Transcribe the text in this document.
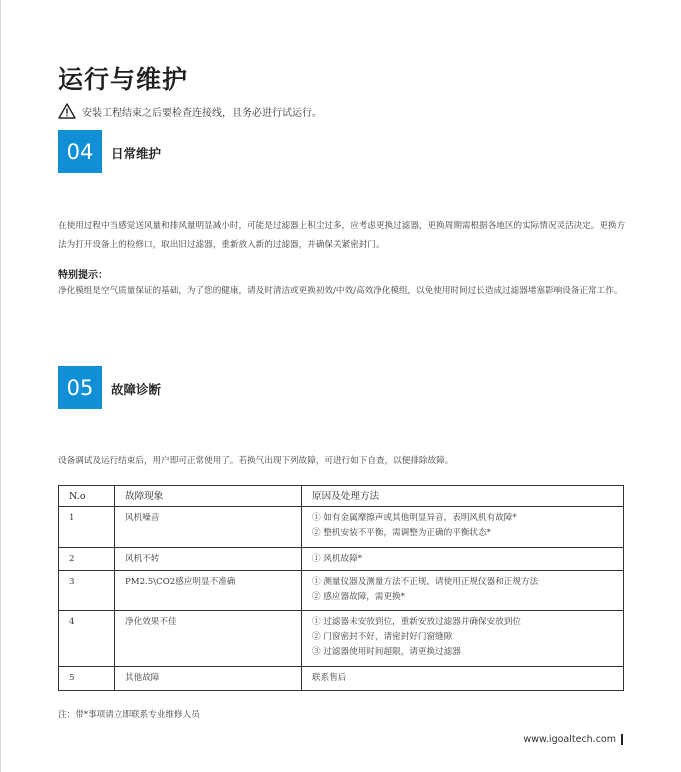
运行与维护
安装工程结束之后要检查连接线，且务必进行试运行。
04	日常维护
在使用过程中当感觉送风量和排风量明显减小时，可能是过滤器上积尘过多，应考虑更换过滤器，更换周期需根据各地区的实际情况灵活决定。更换方法为打开设备上的检修口，取出旧过滤器，重新放入新的过滤器，并确保关紧密封门。
特别提示：
净化模组是空气质量保证的基础，为了您的健康，请及时清洁或更换初效/中效/高效净化模组，以免使用时间过长造成过滤器堵塞影响设备正常工作。
05	故障诊断
设备调试及运行结束后，用户即可正常使用了。若换气出现下列故障，可进行如下自查，以便排除故障。
N.o	故障现象	原因及处理方法
1	风机噪音	① 如有金属摩擦声或其他明显异音，表明风机有故障*
② 整机安装不平衡，需调整为正确的平衡状态*

2	风机不转	① 风机故障*

3	PM2.5\CO2感应明显不准确	① 测量仪器及测量方法不正规，请使用正规仪器和正规方法
② 感应器故障，需更换*

4	净化效果不佳	① 过滤器未安放到位，重新安放过滤器并确保安放到位
② 门窗密封不好，请密封好门窗缝隙
③ 过滤器使用时间超限，请更换过滤器

5	其他故障	联系售后
注：带*事项请立即联系专业维修人员
www.igoaltech.com
